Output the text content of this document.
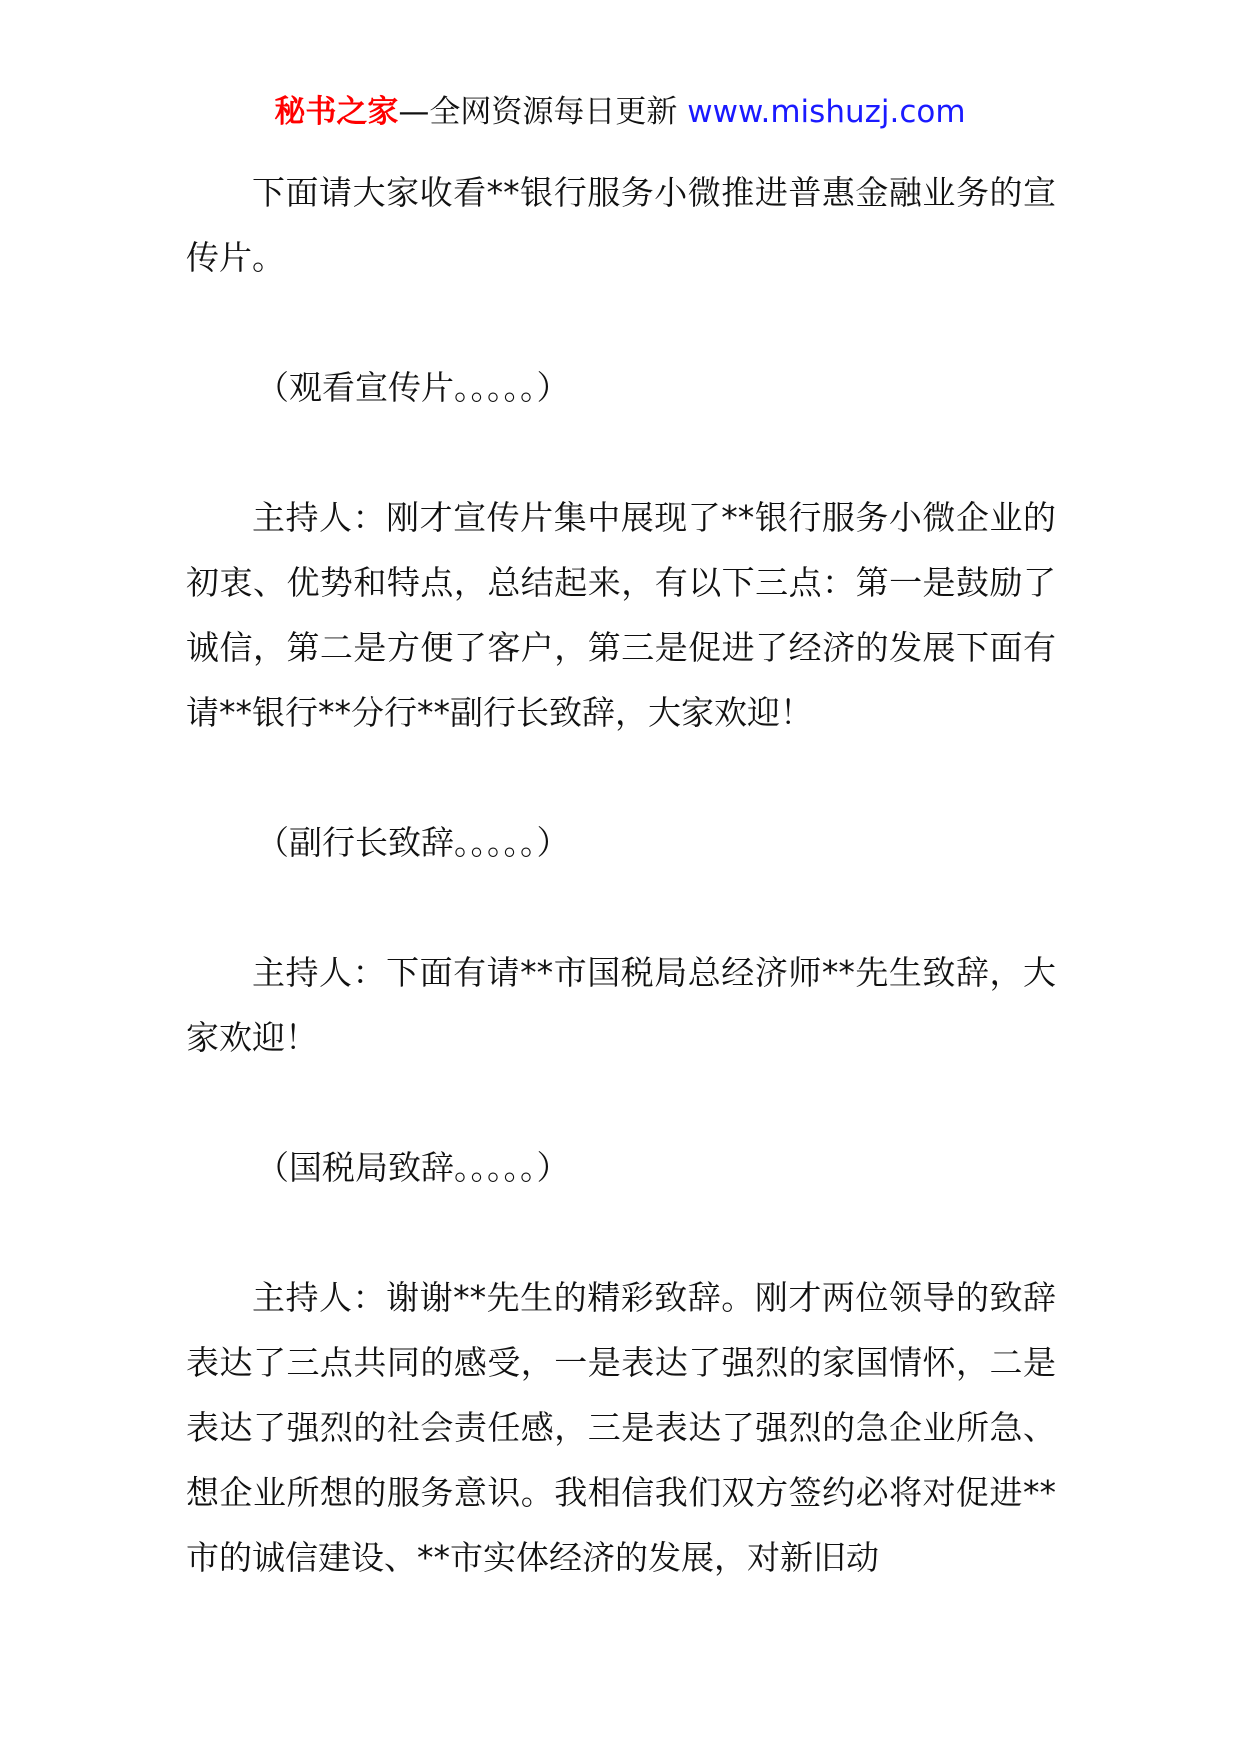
秘书之家—全网资源每日更新 www.mishuzj.com

下面请大家收看**银行服务小微推进普惠金融业务的宣传片。

（观看宣传片。。。。。）

主持人：刚才宣传片集中展现了**银行服务小微企业的初衷、优势和特点，总结起来，有以下三点：第一是鼓励了诚信，第二是方便了客户，第三是促进了经济的发展下面有请**银行**分行**副行长致辞，大家欢迎！

（副行长致辞。。。。。）

主持人：下面有请**市国税局总经济师**先生致辞，大家欢迎！

（国税局致辞。。。。。）

主持人：谢谢**先生的精彩致辞。刚才两位领导的致辞表达了三点共同的感受，一是表达了强烈的家国情怀，二是表达了强烈的社会责任感，三是表达了强烈的急企业所急、想企业所想的服务意识。我相信我们双方签约必将对促进**市的诚信建设、**市实体经济的发展，对新旧动
